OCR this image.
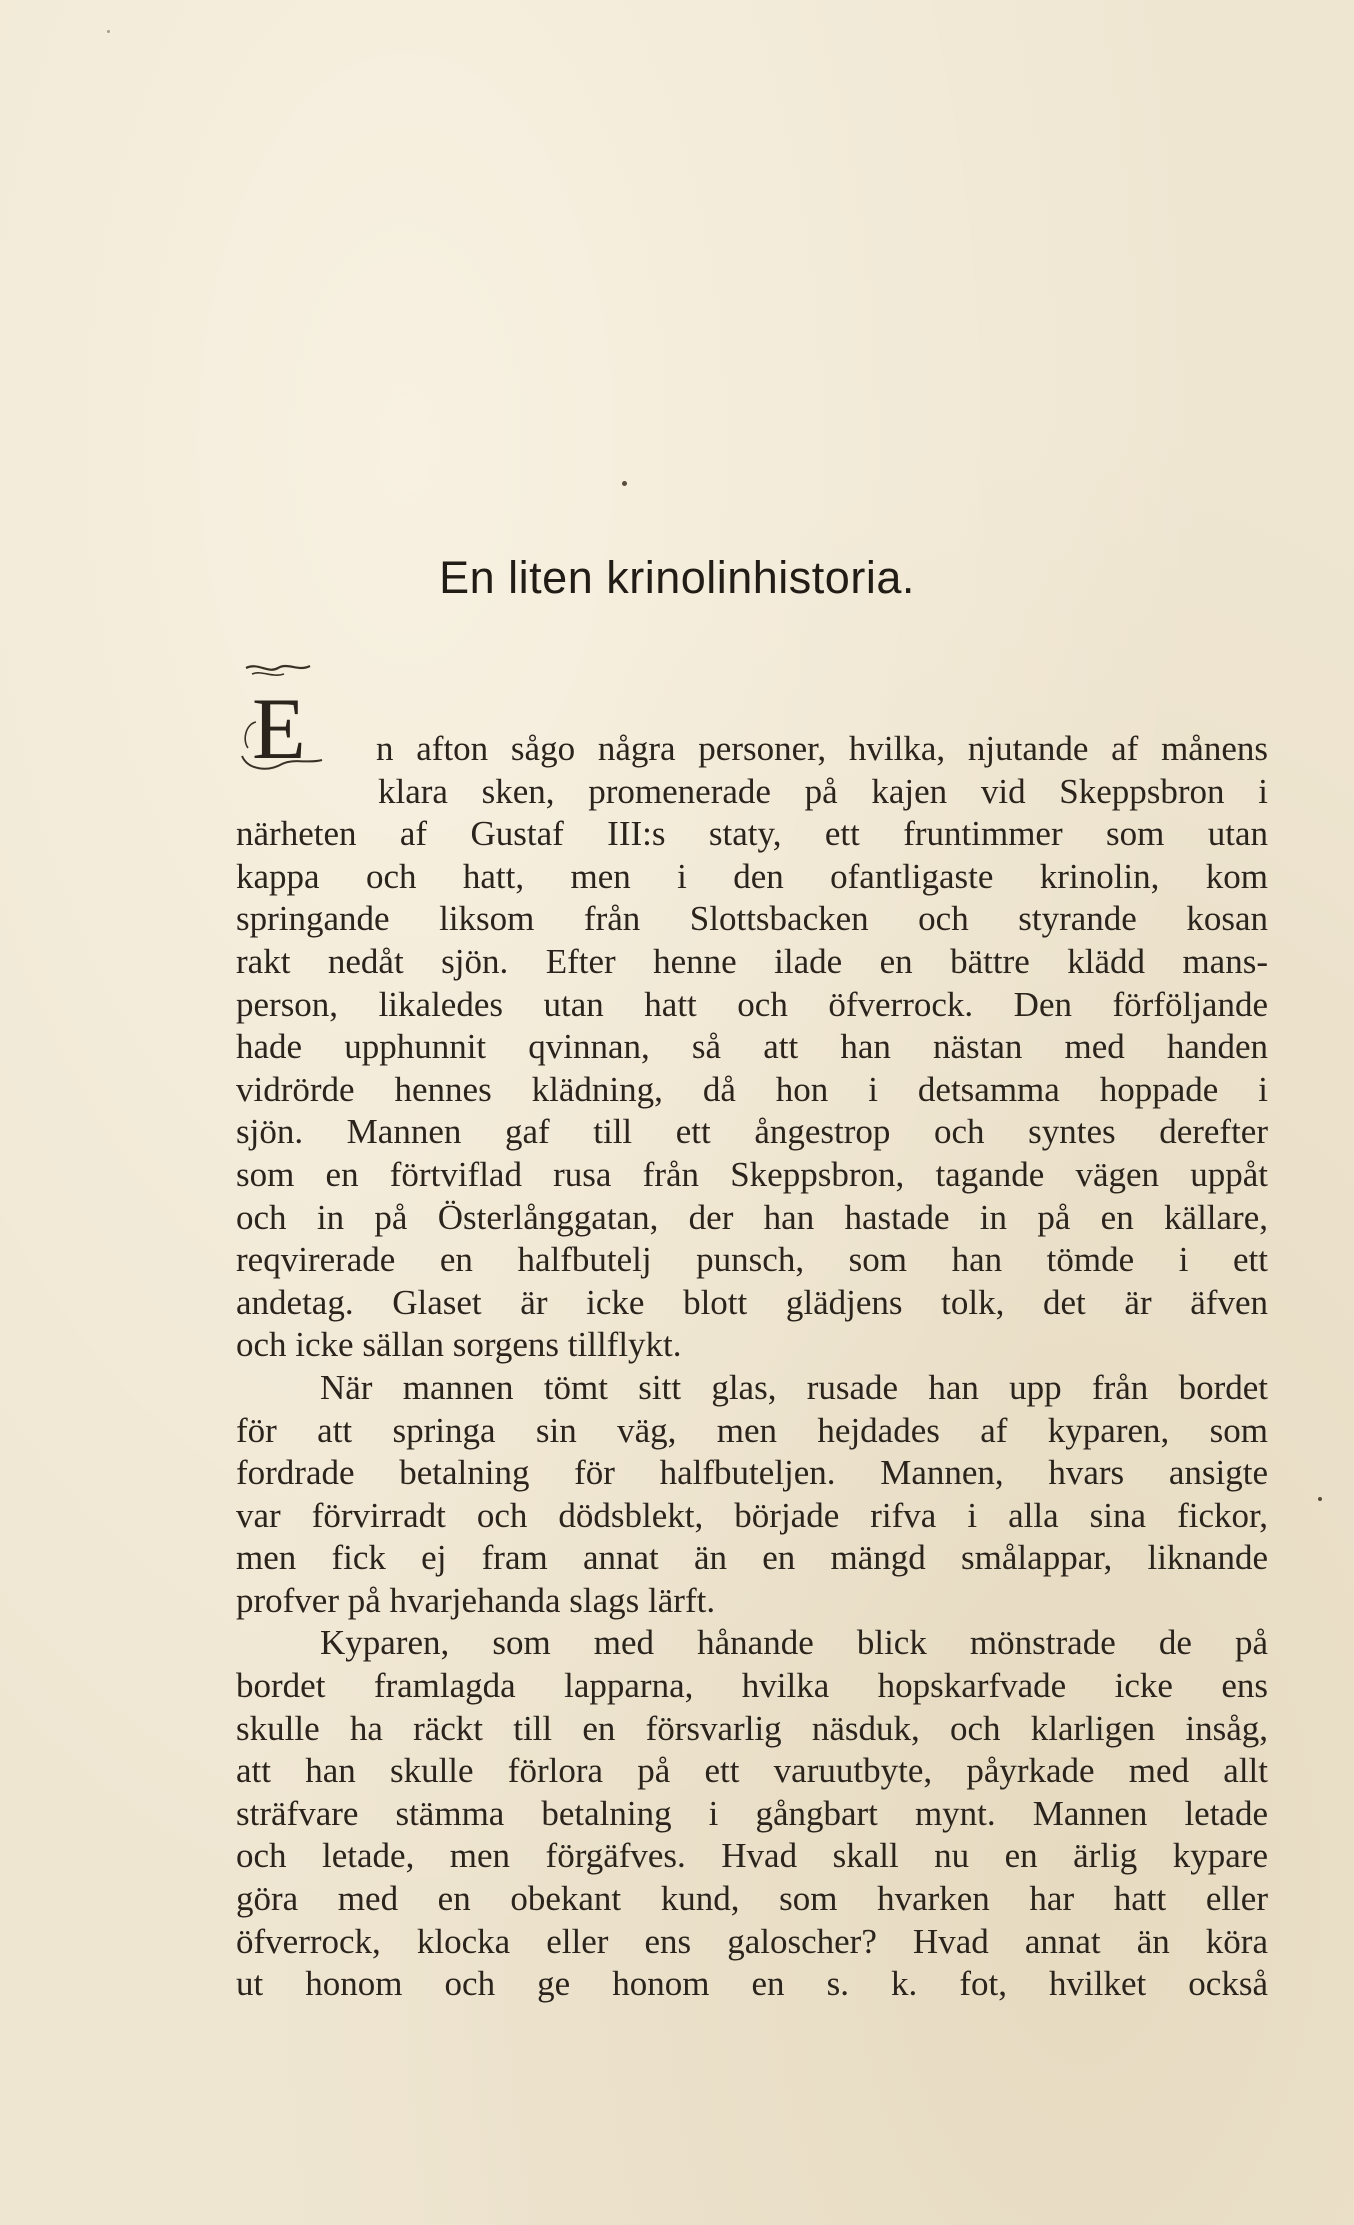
En liten krinolinhistoria.
E	n afton sågo några personer, hvilka, njutande af månens
klara sken, promenerade på kajen vid Skeppsbron i
närheten af Gustaf III:s staty, ett fruntimmer som utan
kappa och hatt, men i den ofantligaste krinolin, kom
springande liksom från Slottsbacken och styrande kosan
rakt nedåt sjön. Efter henne ilade en bättre klädd mans-
person, likaledes utan hatt och öfverrock. Den förföljande
hade upphunnit qvinnan, så att han nästan med handen
vidrörde hennes klädning, då hon i detsamma hoppade i
sjön. Mannen gaf till ett ångestrop och syntes derefter
som en förtviflad rusa från Skeppsbron, tagande vägen uppåt
och in på Österlånggatan, der han hastade in på en källare,
reqvirerade en halfbutelj punsch, som han tömde i ett
andetag. Glaset är icke blott glädjens tolk, det är äfven
och icke sällan sorgens tillflykt.
När mannen tömt sitt glas, rusade han upp från bordet
för att springa sin väg, men hejdades af kyparen, som
fordrade betalning för halfbuteljen. Mannen, hvars ansigte
var förvirradt och dödsblekt, började rifva i alla sina fickor,
men fick ej fram annat än en mängd smålappar, liknande
profver på hvarjehanda slags lärft.
Kyparen, som med hånande blick mönstrade de på
bordet framlagda lapparna, hvilka hopskarfvade icke ens
skulle ha räckt till en försvarlig näsduk, och klarligen insåg,
att han skulle förlora på ett varuutbyte, påyrkade med allt
sträfvare stämma betalning i gångbart mynt. Mannen letade
och letade, men förgäfves. Hvad skall nu en ärlig kypare
göra med en obekant kund, som hvarken har hatt eller
öfverrock, klocka eller ens galoscher? Hvad annat än köra
ut honom och ge honom en s. k. fot, hvilket också
